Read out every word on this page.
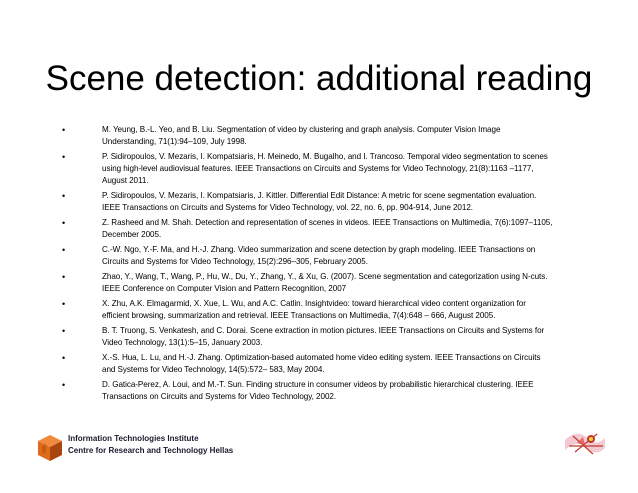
Scene detection: additional reading
•	M. Yeung, B.-L. Yeo, and B. Liu. Segmentation of video by clustering and graph analysis. Computer Vision Image Understanding, 71(1):94–109, July 1998.
•	P. Sidiropoulos, V. Mezaris, I. Kompatsiaris, H. Meinedo, M. Bugalho, and I. Trancoso. Temporal video segmentation to scenes using high-level audiovisual features. IEEE Transactions on Circuits and Systems for Video Technology, 21(8):1163 –1177, August 2011.
•	P. Sidiropoulos, V. Mezaris, I. Kompatsiaris, J. Kittler. Differential Edit Distance: A metric for scene segmentation evaluation. IEEE Transactions on Circuits and Systems for Video Technology, vol. 22, no. 6, pp. 904-914, June 2012.
•	Z. Rasheed and M. Shah. Detection and representation of scenes in videos. IEEE Transactions on Multimedia, 7(6):1097–1105, December 2005.
•	C.-W. Ngo, Y.-F. Ma, and H.-J. Zhang. Video summarization and scene detection by graph modeling. IEEE Transactions on Circuits and Systems for Video Technology, 15(2):296–305, February 2005.
•	Zhao, Y., Wang, T., Wang, P., Hu, W., Du, Y., Zhang, Y., & Xu, G. (2007). Scene segmentation and categorization using N-cuts. IEEE Conference on Computer Vision and Pattern Recognition, 2007
•	X. Zhu, A.K. Elmagarmid, X. Xue, L. Wu, and A.C. Catlin. Insightvideo: toward hierarchical video content organization for efficient browsing, summarization and retrieval. IEEE Transactions on Multimedia, 7(4):648 – 666, August 2005.
•	B. T. Truong, S. Venkatesh, and C. Dorai. Scene extraction in motion pictures. IEEE Transactions on Circuits and Systems for Video Technology, 13(1):5–15, January 2003.
•	X.-S. Hua, L. Lu, and H.-J. Zhang. Optimization-based automated home video editing system. IEEE Transactions on Circuits and Systems for Video Technology, 14(5):572– 583, May 2004.
•	D. Gatica-Perez, A. Loui, and M.-T. Sun. Finding structure in consumer videos by probabilistic hierarchical clustering. IEEE Transactions on Circuits and Systems for Video Technology, 2002.
Information Technologies Institute
Centre for Research and Technology Hellas
